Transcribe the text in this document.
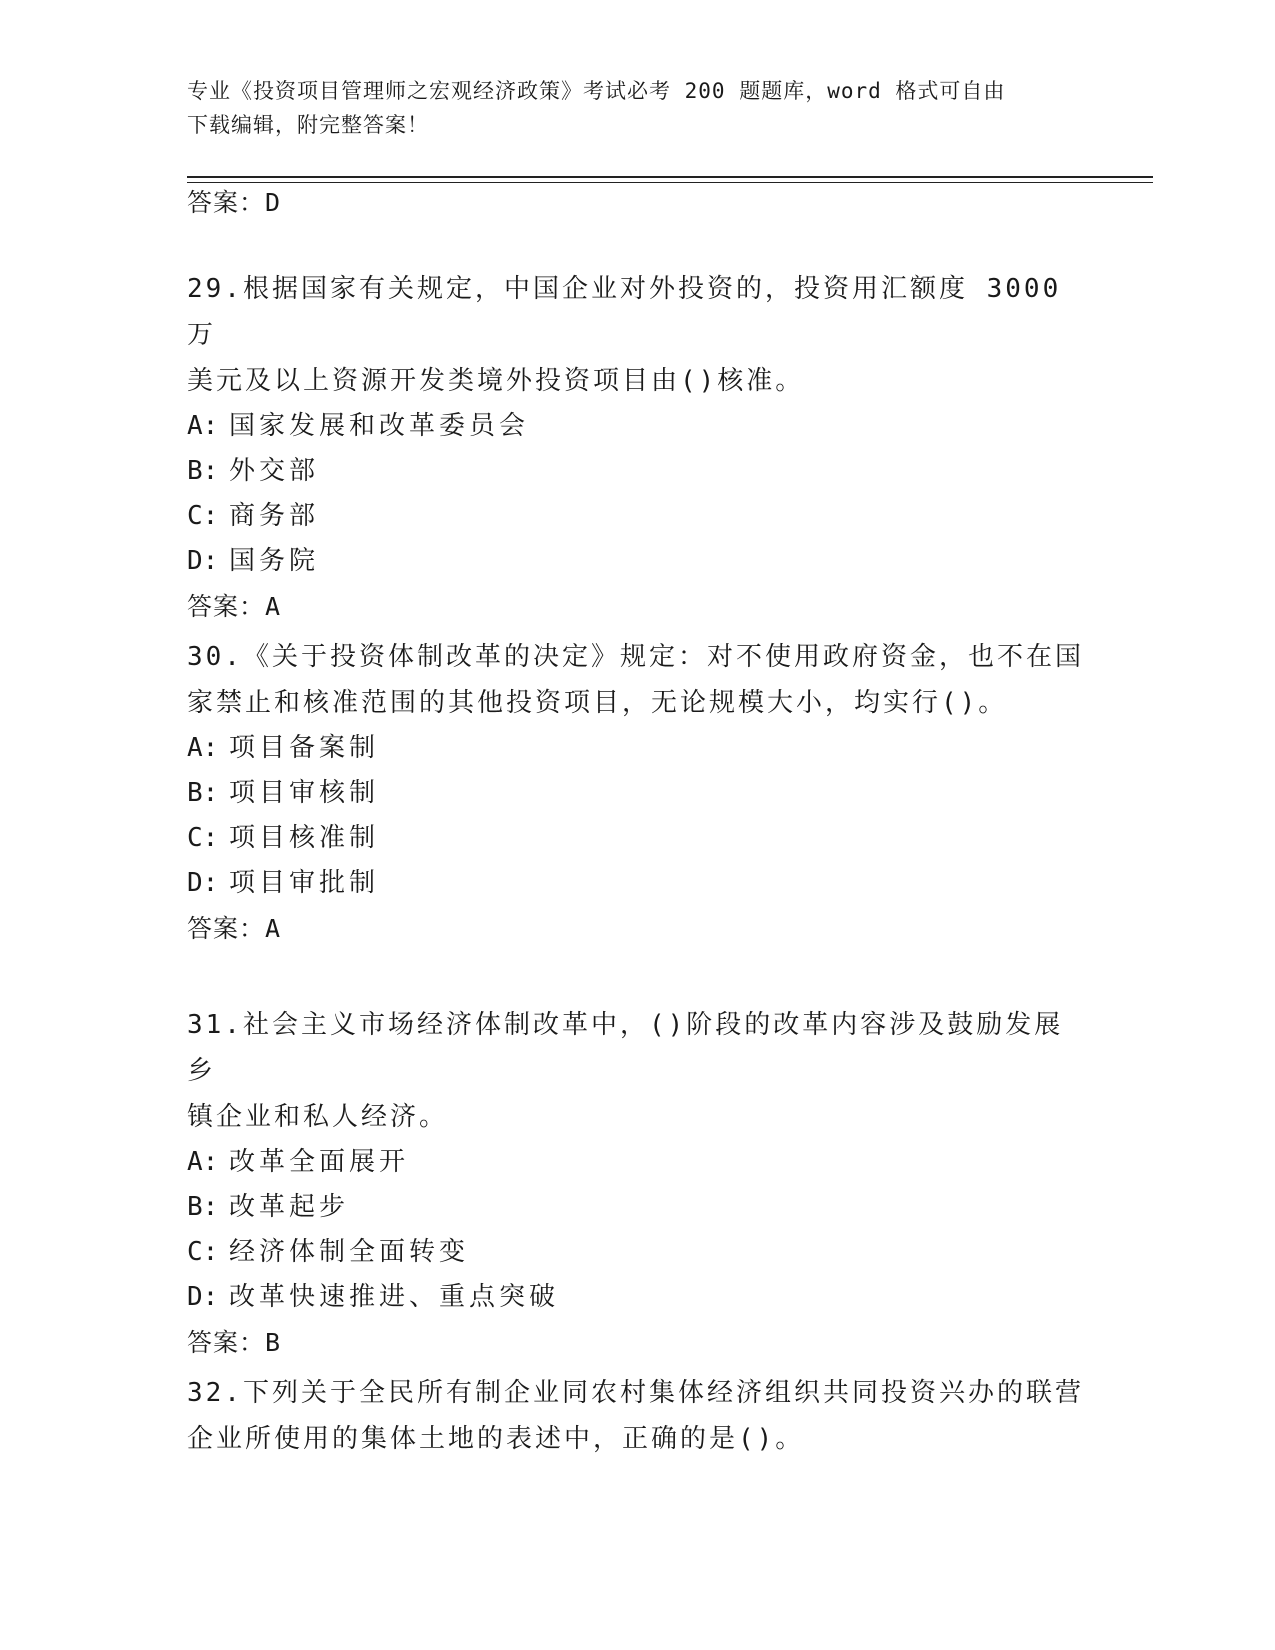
专业《投资项目管理师之宏观经济政策》考试必考 200 题题库，word 格式可自由
下载编辑，附完整答案！
答案：D

29.根据国家有关规定，中国企业对外投资的，投资用汇额度 3000 万

美元及以上资源开发类境外投资项目由()核准。

A: 国家发展和改革委员会

B: 外交部

C: 商务部

D: 国务院

答案：A

30.《关于投资体制改革的决定》规定：对不使用政府资金，也不在国

家禁止和核准范围的其他投资项目，无论规模大小，均实行()。

A: 项目备案制

B: 项目审核制

C: 项目核准制

D: 项目审批制

答案：A

31.社会主义市场经济体制改革中，()阶段的改革内容涉及鼓励发展乡

镇企业和私人经济。

A: 改革全面展开

B: 改革起步

C: 经济体制全面转变

D: 改革快速推进、重点突破

答案：B

32.下列关于全民所有制企业同农村集体经济组织共同投资兴办的联营

企业所使用的集体土地的表述中，正确的是()。
